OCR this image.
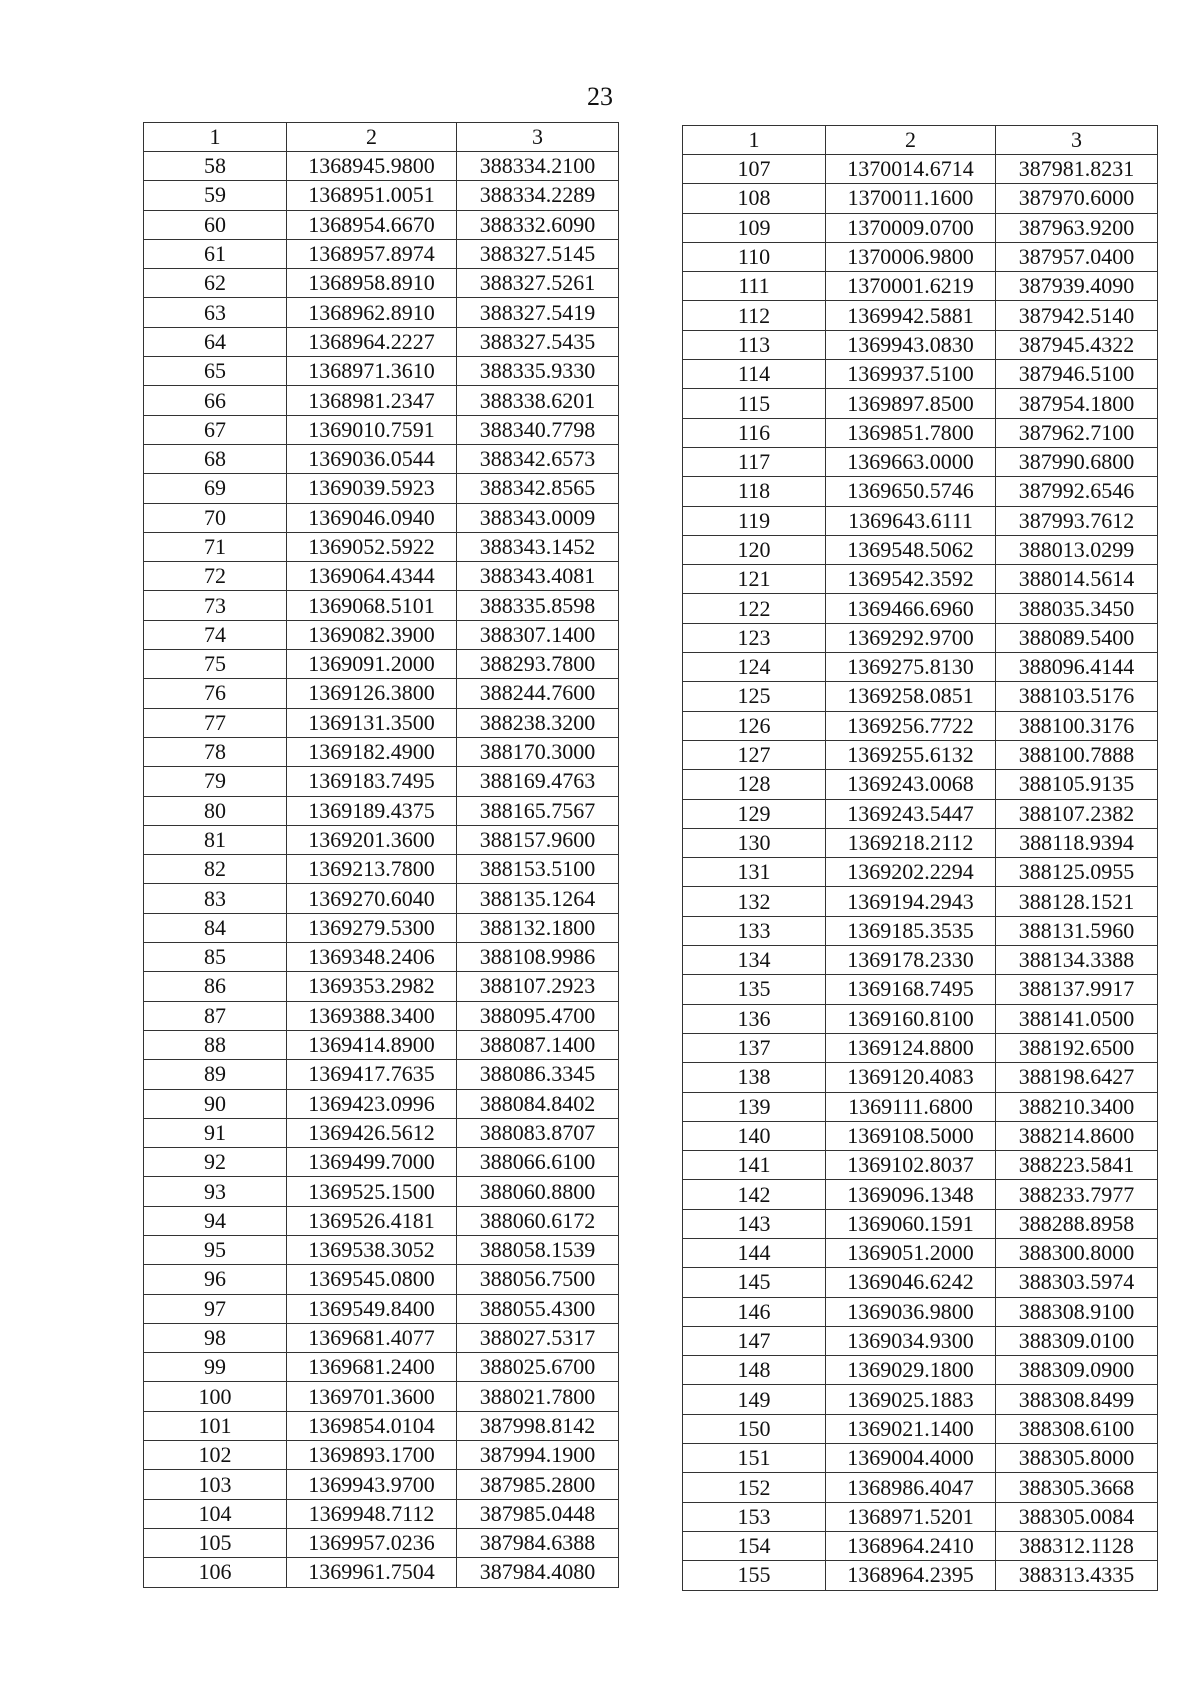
23
1	2	3
58	1368945.9800	388334.2100
59	1368951.0051	388334.2289
60	1368954.6670	388332.6090
61	1368957.8974	388327.5145
62	1368958.8910	388327.5261
63	1368962.8910	388327.5419
64	1368964.2227	388327.5435
65	1368971.3610	388335.9330
66	1368981.2347	388338.6201
67	1369010.7591	388340.7798
68	1369036.0544	388342.6573
69	1369039.5923	388342.8565
70	1369046.0940	388343.0009
71	1369052.5922	388343.1452
72	1369064.4344	388343.4081
73	1369068.5101	388335.8598
74	1369082.3900	388307.1400
75	1369091.2000	388293.7800
76	1369126.3800	388244.7600
77	1369131.3500	388238.3200
78	1369182.4900	388170.3000
79	1369183.7495	388169.4763
80	1369189.4375	388165.7567
81	1369201.3600	388157.9600
82	1369213.7800	388153.5100
83	1369270.6040	388135.1264
84	1369279.5300	388132.1800
85	1369348.2406	388108.9986
86	1369353.2982	388107.2923
87	1369388.3400	388095.4700
88	1369414.8900	388087.1400
89	1369417.7635	388086.3345
90	1369423.0996	388084.8402
91	1369426.5612	388083.8707
92	1369499.7000	388066.6100
93	1369525.1500	388060.8800
94	1369526.4181	388060.6172
95	1369538.3052	388058.1539
96	1369545.0800	388056.7500
97	1369549.8400	388055.4300
98	1369681.4077	388027.5317
99	1369681.2400	388025.6700
100	1369701.3600	388021.7800
101	1369854.0104	387998.8142
102	1369893.1700	387994.1900
103	1369943.9700	387985.2800
104	1369948.7112	387985.0448
105	1369957.0236	387984.6388
106	1369961.7504	387984.4080
1	2	3
107	1370014.6714	387981.8231
108	1370011.1600	387970.6000
109	1370009.0700	387963.9200
110	1370006.9800	387957.0400
111	1370001.6219	387939.4090
112	1369942.5881	387942.5140
113	1369943.0830	387945.4322
114	1369937.5100	387946.5100
115	1369897.8500	387954.1800
116	1369851.7800	387962.7100
117	1369663.0000	387990.6800
118	1369650.5746	387992.6546
119	1369643.6111	387993.7612
120	1369548.5062	388013.0299
121	1369542.3592	388014.5614
122	1369466.6960	388035.3450
123	1369292.9700	388089.5400
124	1369275.8130	388096.4144
125	1369258.0851	388103.5176
126	1369256.7722	388100.3176
127	1369255.6132	388100.7888
128	1369243.0068	388105.9135
129	1369243.5447	388107.2382
130	1369218.2112	388118.9394
131	1369202.2294	388125.0955
132	1369194.2943	388128.1521
133	1369185.3535	388131.5960
134	1369178.2330	388134.3388
135	1369168.7495	388137.9917
136	1369160.8100	388141.0500
137	1369124.8800	388192.6500
138	1369120.4083	388198.6427
139	1369111.6800	388210.3400
140	1369108.5000	388214.8600
141	1369102.8037	388223.5841
142	1369096.1348	388233.7977
143	1369060.1591	388288.8958
144	1369051.2000	388300.8000
145	1369046.6242	388303.5974
146	1369036.9800	388308.9100
147	1369034.9300	388309.0100
148	1369029.1800	388309.0900
149	1369025.1883	388308.8499
150	1369021.1400	388308.6100
151	1369004.4000	388305.8000
152	1368986.4047	388305.3668
153	1368971.5201	388305.0084
154	1368964.2410	388312.1128
155	1368964.2395	388313.4335
